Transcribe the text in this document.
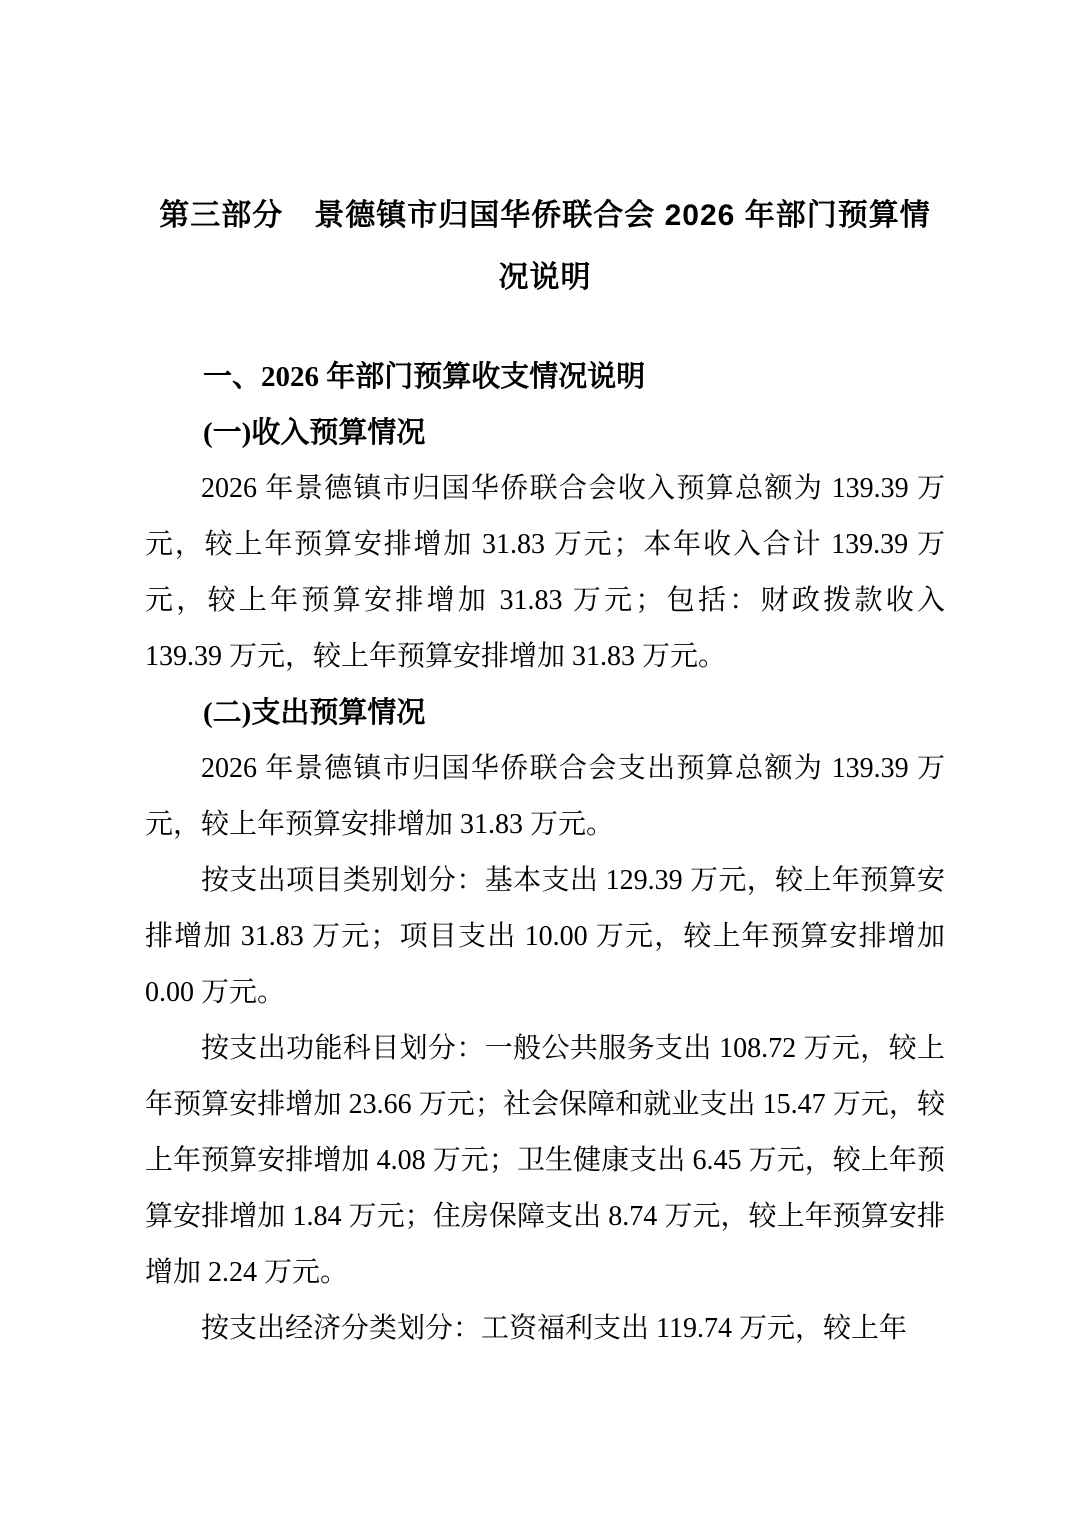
第三部分　景德镇市归国华侨联合会 2026 年部门预算情况说明
一、2026 年部门预算收支情况说明
(一)收入预算情况

2026 年景德镇市归国华侨联合会收入预算总额为 139.39 万元，较上年预算安排增加 31.83 万元；本年收入合计 139.39 万元，较上年预算安排增加 31.83 万元；包括：财政拨款收入 139.39 万元，较上年预算安排增加 31.83 万元。

(二)支出预算情况

2026 年景德镇市归国华侨联合会支出预算总额为 139.39 万元，较上年预算安排增加 31.83 万元。

按支出项目类别划分：基本支出 129.39 万元，较上年预算安排增加 31.83 万元；项目支出 10.00 万元，较上年预算安排增加 0.00 万元。

按支出功能科目划分：一般公共服务支出 108.72 万元，较上年预算安排增加 23.66 万元；社会保障和就业支出 15.47 万元，较上年预算安排增加 4.08 万元；卫生健康支出 6.45 万元，较上年预算安排增加 1.84 万元；住房保障支出 8.74 万元，较上年预算安排增加 2.24 万元。

按支出经济分类划分：工资福利支出 119.74 万元，较上年
